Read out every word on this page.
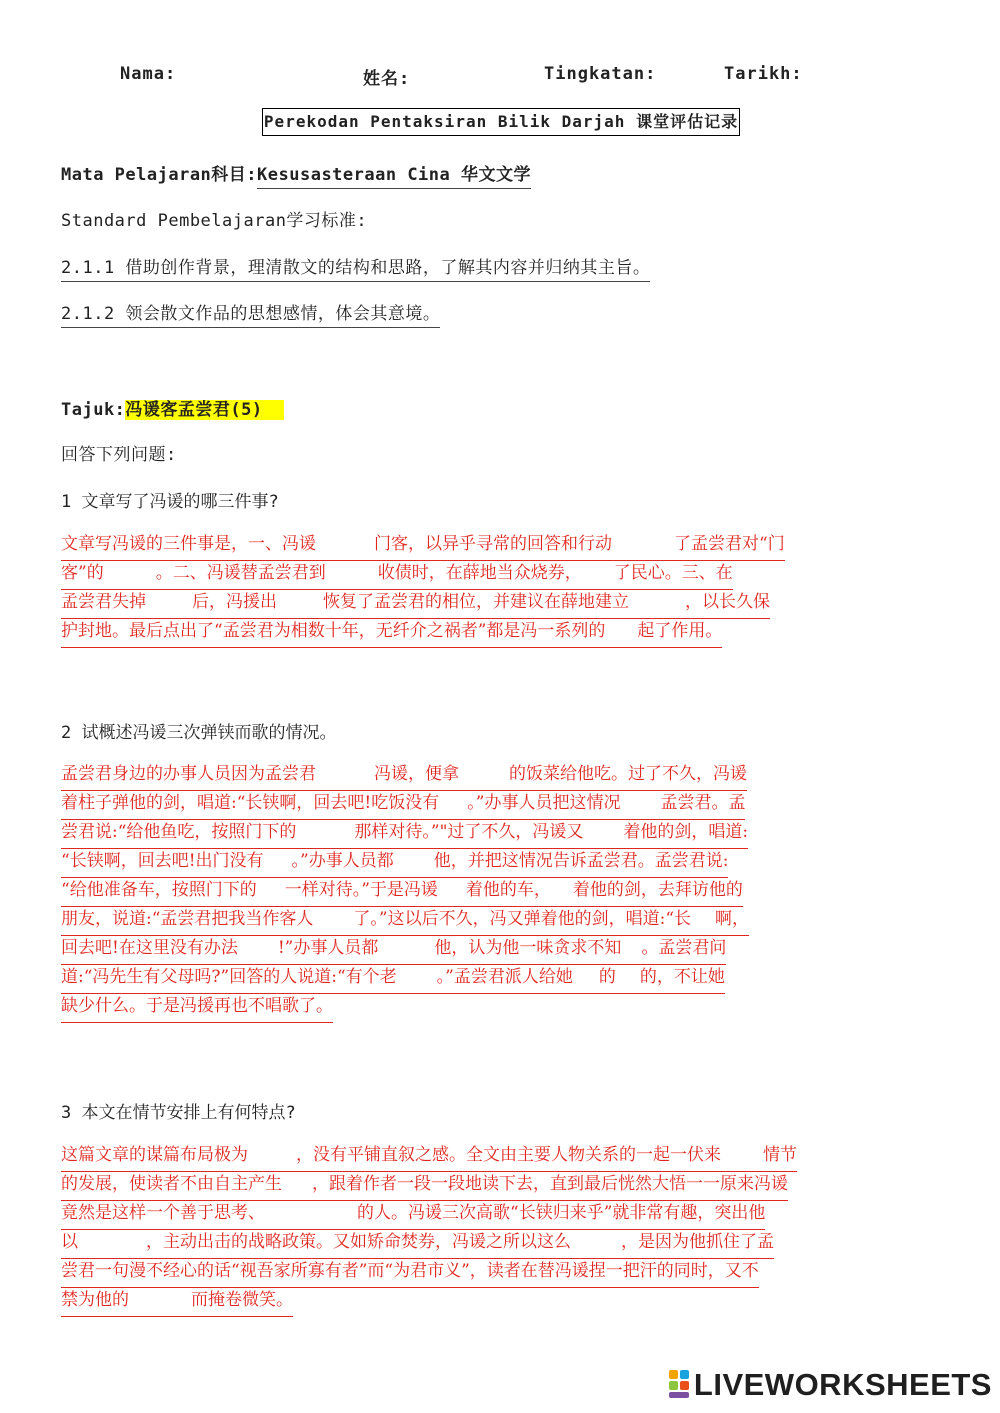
Nama:	姓名:	Tingkatan:	Tarikh:
Perekodan Pentaksiran Bilik Darjah 课堂评估记录
Mata Pelajaran科目:Kesusasteraan Cina 华文文学
Standard Pembelajaran学习标准:
2.1.1 借助创作背景，理清散文的结构和思路，了解其内容并归纳其主旨。
2.1.2 领会散文作品的思想感情，体会其意境。
Tajuk:冯谖客孟尝君(5)
回答下列问题:
1 文章写了冯谖的哪三件事?
文章写冯谖的三件事是，一、冯谖	门客，以异乎寻常的回答和行动	了孟尝君对“门
客”的	。二、冯谖替孟尝君到	收债时，在薛地当众烧券， 了民心。三、在
孟尝君失掉	后，冯援出	恢复了孟尝君的相位，并建议在薛地建立	，以长久保
护封地。最后点出了“孟尝君为相数十年，无纤介之祸者”都是冯一系列的 起了作用。
2 试概述冯谖三次弹铗而歌的情况。
孟尝君身边的办事人员因为孟尝君	冯谖，便拿	的饭菜给他吃。过了不久，冯谖
着柱子弹他的剑，唱道:“长铗啊，回去吧!吃饭没有 。”办事人员把这情况 孟尝君。孟
尝君说:“给他鱼吃，按照门下的	那样对待。”"过了不久，冯谖又 着他的剑，唱道:
“长铗啊，回去吧!出门没有 。”办事人员都 他，并把这情况告诉孟尝君。孟尝君说:
“给他准备车，按照门下的 一样对待。”于是冯谖 着他的车， 着他的剑，去拜访他的
朋友，说道:“孟尝君把我当作客人 了。”这以后不久，冯又弹着他的剑，唱道:“长 啊，
回去吧!在这里没有办法 !”办事人员都	他，认为他一味贪求不知 。孟尝君问
道:“冯先生有父母吗?”回答的人说道:“有个老 。”孟尝君派人给她 的 的，不让她
缺少什么。于是冯援再也不唱歌了。
3 本文在情节安排上有何特点?
这篇文章的谋篇布局极为	，没有平铺直叙之感。全文由主要人物关系的一起一伏来 情节
的发展，使读者不由自主产生 ，跟着作者一段一段地读下去，直到最后恍然大悟一一原来冯谖
竟然是这样一个善于思考、	的人。冯谖三次高歌“长铗归来乎”就非常有趣，突出他
以	，主动出击的战略政策。又如矫命焚券，冯谖之所以这么	，是因为他抓住了孟
尝君一句漫不经心的话“视吾家所寡有者”而“为君市义”，读者在替冯谖捏一把汗的同时，又不
禁为他的	而掩卷微笑。
LIVEWORKSHEETS
